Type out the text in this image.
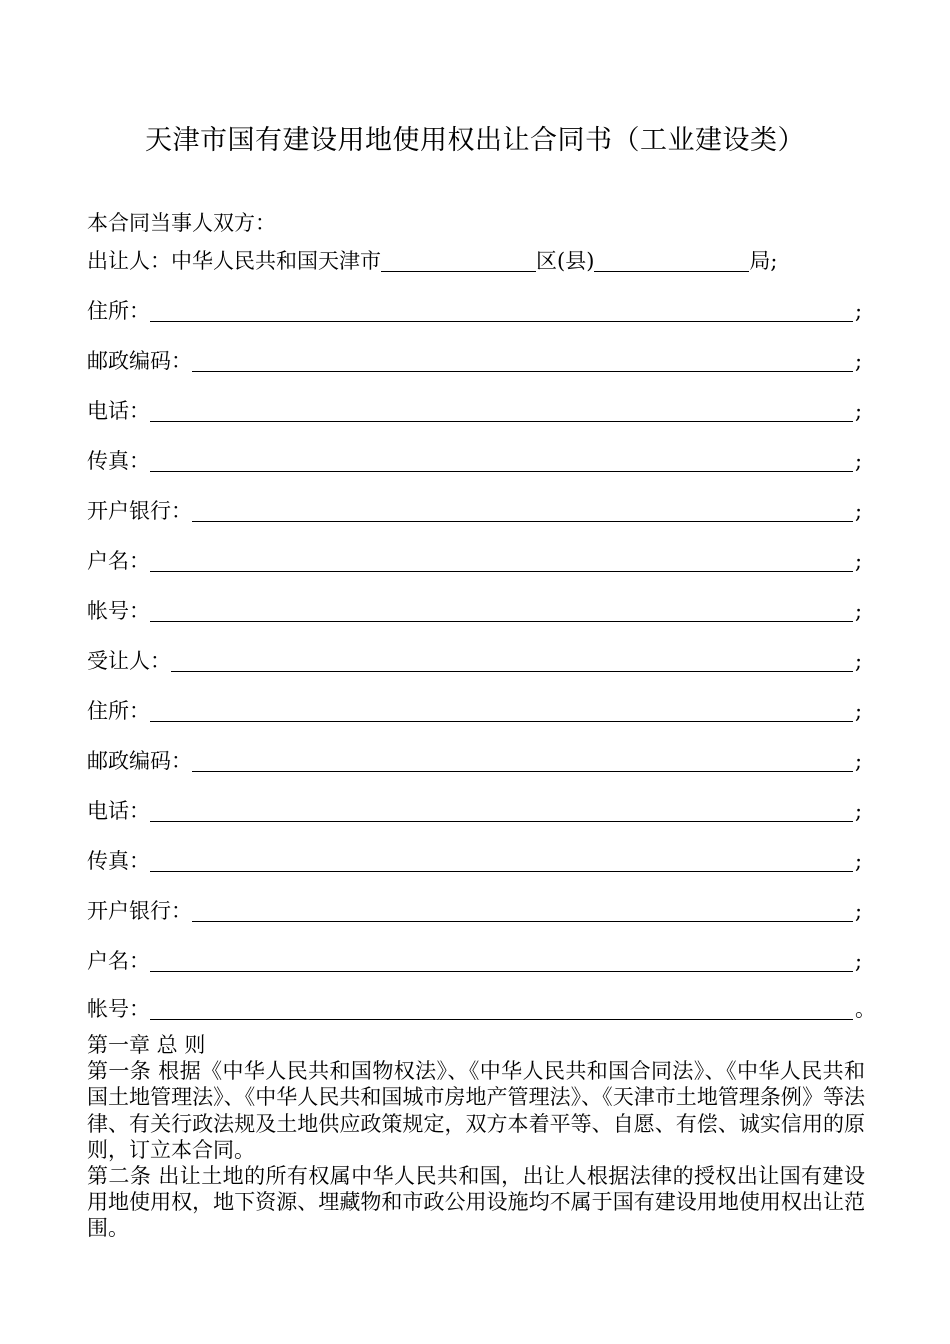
天津市国有建设用地使用权出让合同书（工业建设类）
本合同当事人双方：
出让人：中华人民共和国天津市	区(县)	局;
住所：	;
邮政编码：	;
电话：	;
传真：	;
开户银行：	;
户名：	;
帐号：	;
受让人：	;
住所：	;
邮政编码：	;
电话：	;
传真：	;
开户银行：	;
户名：	;
帐号：	。

第一章 总 则

第一条 根据《中华人民共和国物权法》、《中华人民共和国合同法》、《中华人民共和国土地管理法》、《中华人民共和国城市房地产管理法》、《天津市土地管理条例》等法律、有关行政法规及土地供应政策规定，双方本着平等、自愿、有偿、诚实信用的原则，订立本合同。

第二条 出让土地的所有权属中华人民共和国，出让人根据法律的授权出让国有建设用地使用权，地下资源、埋藏物和市政公用设施均不属于国有建设用地使用权出让范围。
